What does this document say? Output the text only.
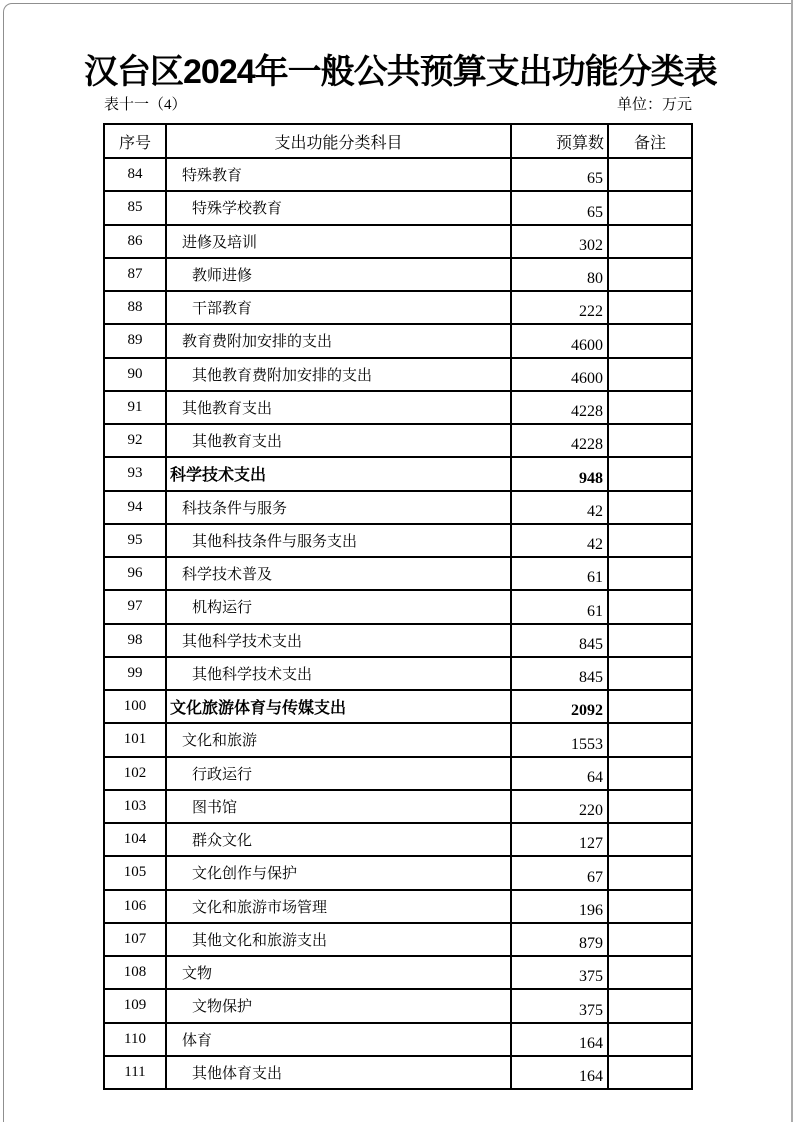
汉台区2024年一般公共预算支出功能分类表
表十一（4）	单位：万元
序号	支出功能分类科目	预算数	备注
84	特殊教育	65	
85	特殊学校教育	65	
86	进修及培训	302	
87	教师进修	80	
88	干部教育	222	
89	教育费附加安排的支出	4600	
90	其他教育费附加安排的支出	4600	
91	其他教育支出	4228	
92	其他教育支出	4228	
93	科学技术支出	948	
94	科技条件与服务	42	
95	其他科技条件与服务支出	42	
96	科学技术普及	61	
97	机构运行	61	
98	其他科学技术支出	845	
99	其他科学技术支出	845	
100	文化旅游体育与传媒支出	2092	
101	文化和旅游	1553	
102	行政运行	64	
103	图书馆	220	
104	群众文化	127	
105	文化创作与保护	67	
106	文化和旅游市场管理	196	
107	其他文化和旅游支出	879	
108	文物	375	
109	文物保护	375	
110	体育	164	
111	其他体育支出	164	
